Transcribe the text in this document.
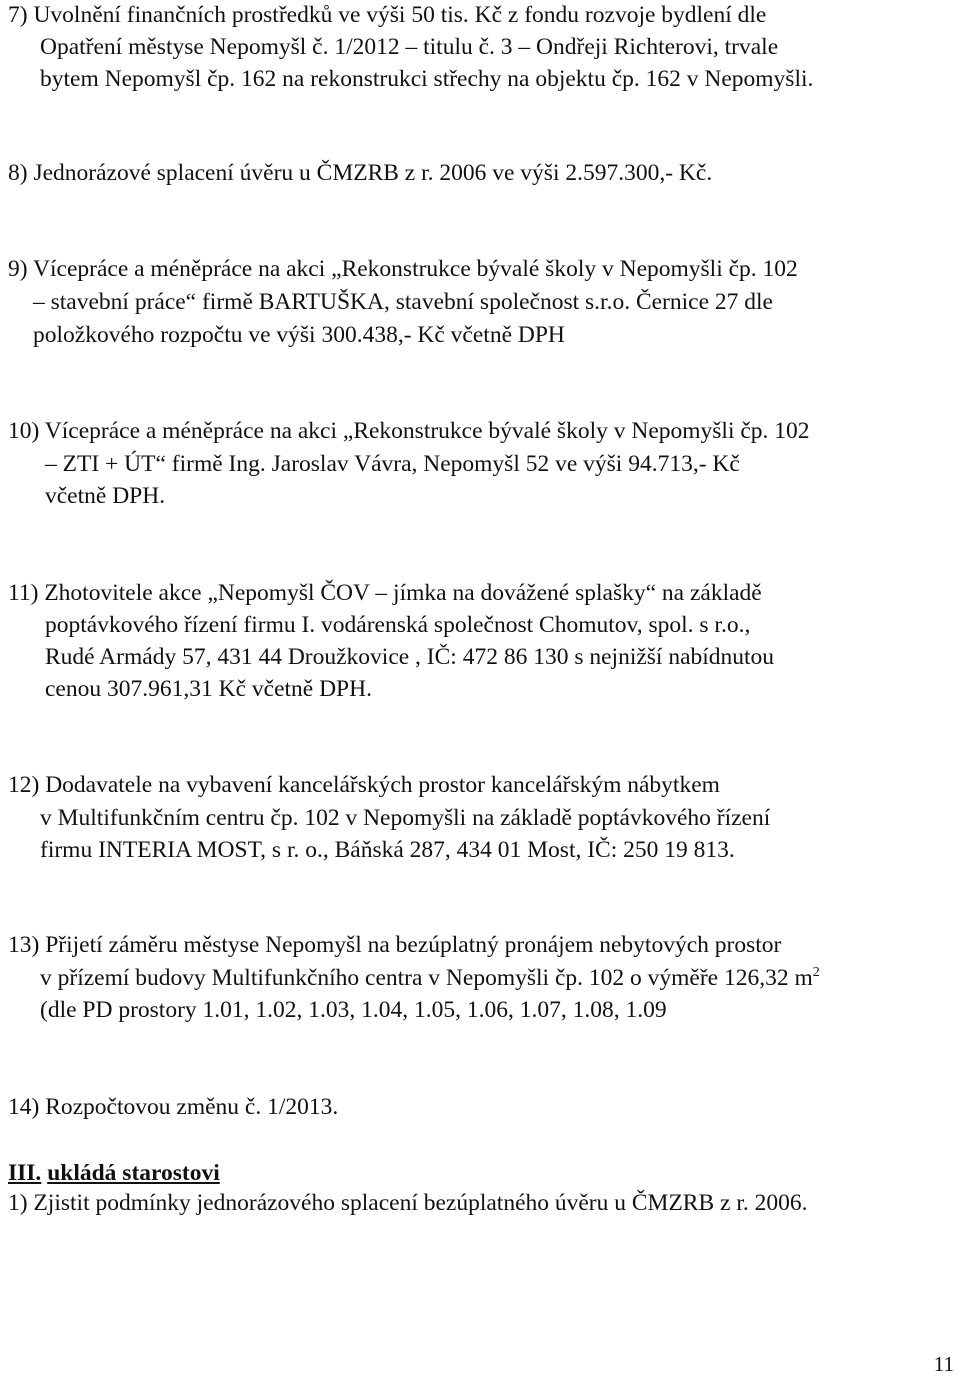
7) Uvolnění finančních prostředků ve výši 50 tis. Kč z fondu rozvoje bydlení dle
Opatření městyse Nepomyšl č. 1/2012 – titulu č. 3 – Ondřeji Richterovi, trvale
bytem Nepomyšl čp. 162 na rekonstrukci střechy na objektu čp. 162 v Nepomyšli.
8) Jednorázové splacení úvěru u ČMZRB z r. 2006 ve výši 2.597.300,- Kč.
9) Vícepráce a méněpráce na akci „Rekonstrukce bývalé školy v Nepomyšli čp. 102
– stavební práce“ firmě BARTUŠKA, stavební společnost s.r.o. Černice 27 dle
položkového rozpočtu ve výši 300.438,- Kč včetně DPH
10) Vícepráce a méněpráce na akci „Rekonstrukce bývalé školy v Nepomyšli čp. 102
– ZTI + ÚT“ firmě Ing. Jaroslav Vávra, Nepomyšl 52 ve výši 94.713,- Kč
včetně DPH.
11) Zhotovitele akce „Nepomyšl ČOV – jímka na dovážené splašky“ na základě
poptávkového řízení firmu I. vodárenská společnost Chomutov, spol. s r.o.,
Rudé Armády 57, 431 44 Droužkovice , IČ: 472 86 130 s nejnižší nabídnutou
cenou 307.961,31 Kč včetně DPH.
12) Dodavatele na vybavení kancelářských prostor kancelářským nábytkem
v Multifunkčním centru čp. 102 v Nepomyšli na základě poptávkového řízení
firmu INTERIA MOST, s r. o., Báňská 287, 434 01 Most, IČ: 250 19 813.
13) Přijetí záměru městyse Nepomyšl na bezúplatný pronájem nebytových prostor
v přízemí budovy Multifunkčního centra v Nepomyšli čp. 102 o výměře 126,32 $m^2$
(dle PD prostory 1.01, 1.02, 1.03, 1.04, 1.05, 1.06, 1.07, 1.08, 1.09
14) Rozpočtovou změnu č. 1/2013.
III. ukládá starostovi
1) Zjistit podmínky jednorázového splacení bezúplatného úvěru u ČMZRB z r. 2006.
11
